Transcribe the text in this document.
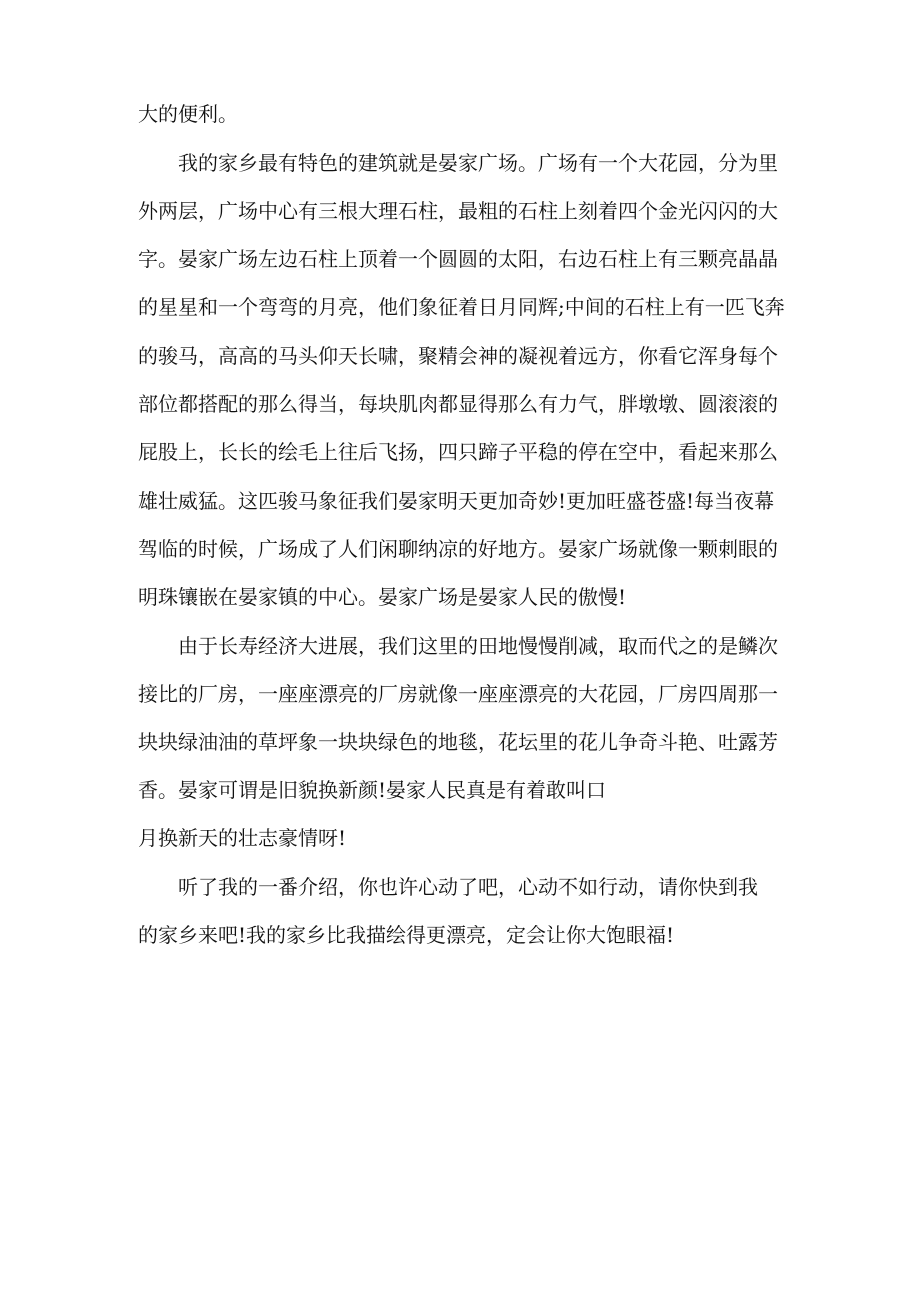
大的便利。

我的家乡最有特色的建筑就是晏家广场。广场有一个大花园，分为里

外两层，广场中心有三根大理石柱，最粗的石柱上刻着四个金光闪闪的大

字。晏家广场左边石柱上顶着一个圆圆的太阳，右边石柱上有三颗亮晶晶

的星星和一个弯弯的月亮，他们象征着日月同辉;中间的石柱上有一匹飞奔

的骏马，高高的马头仰天长啸，聚精会神的凝视着远方，你看它浑身每个

部位都搭配的那么得当，每块肌肉都显得那么有力气，胖墩墩、圆滚滚的

屁股上，长长的绘毛上往后飞扬，四只蹄子平稳的停在空中，看起来那么

雄壮威猛。这匹骏马象征我们晏家明天更加奇妙!更加旺盛苍盛!每当夜幕

驾临的时候，广场成了人们闲聊纳凉的好地方。晏家广场就像一颗刺眼的

明珠镶嵌在晏家镇的中心。晏家广场是晏家人民的傲慢!

由于长寿经济大进展，我们这里的田地慢慢削减，取而代之的是鳞次

接比的厂房，一座座漂亮的厂房就像一座座漂亮的大花园，厂房四周那一

块块绿油油的草坪象一块块绿色的地毯，花坛里的花儿争奇斗艳、吐露芳

香。晏家可谓是旧貌换新颜!晏家人民真是有着敢叫口

月换新天的壮志豪情呀!

听了我的一番介绍，你也许心动了吧，心动不如行动，请你快到我

的家乡来吧!我的家乡比我描绘得更漂亮，定会让你大饱眼福!
